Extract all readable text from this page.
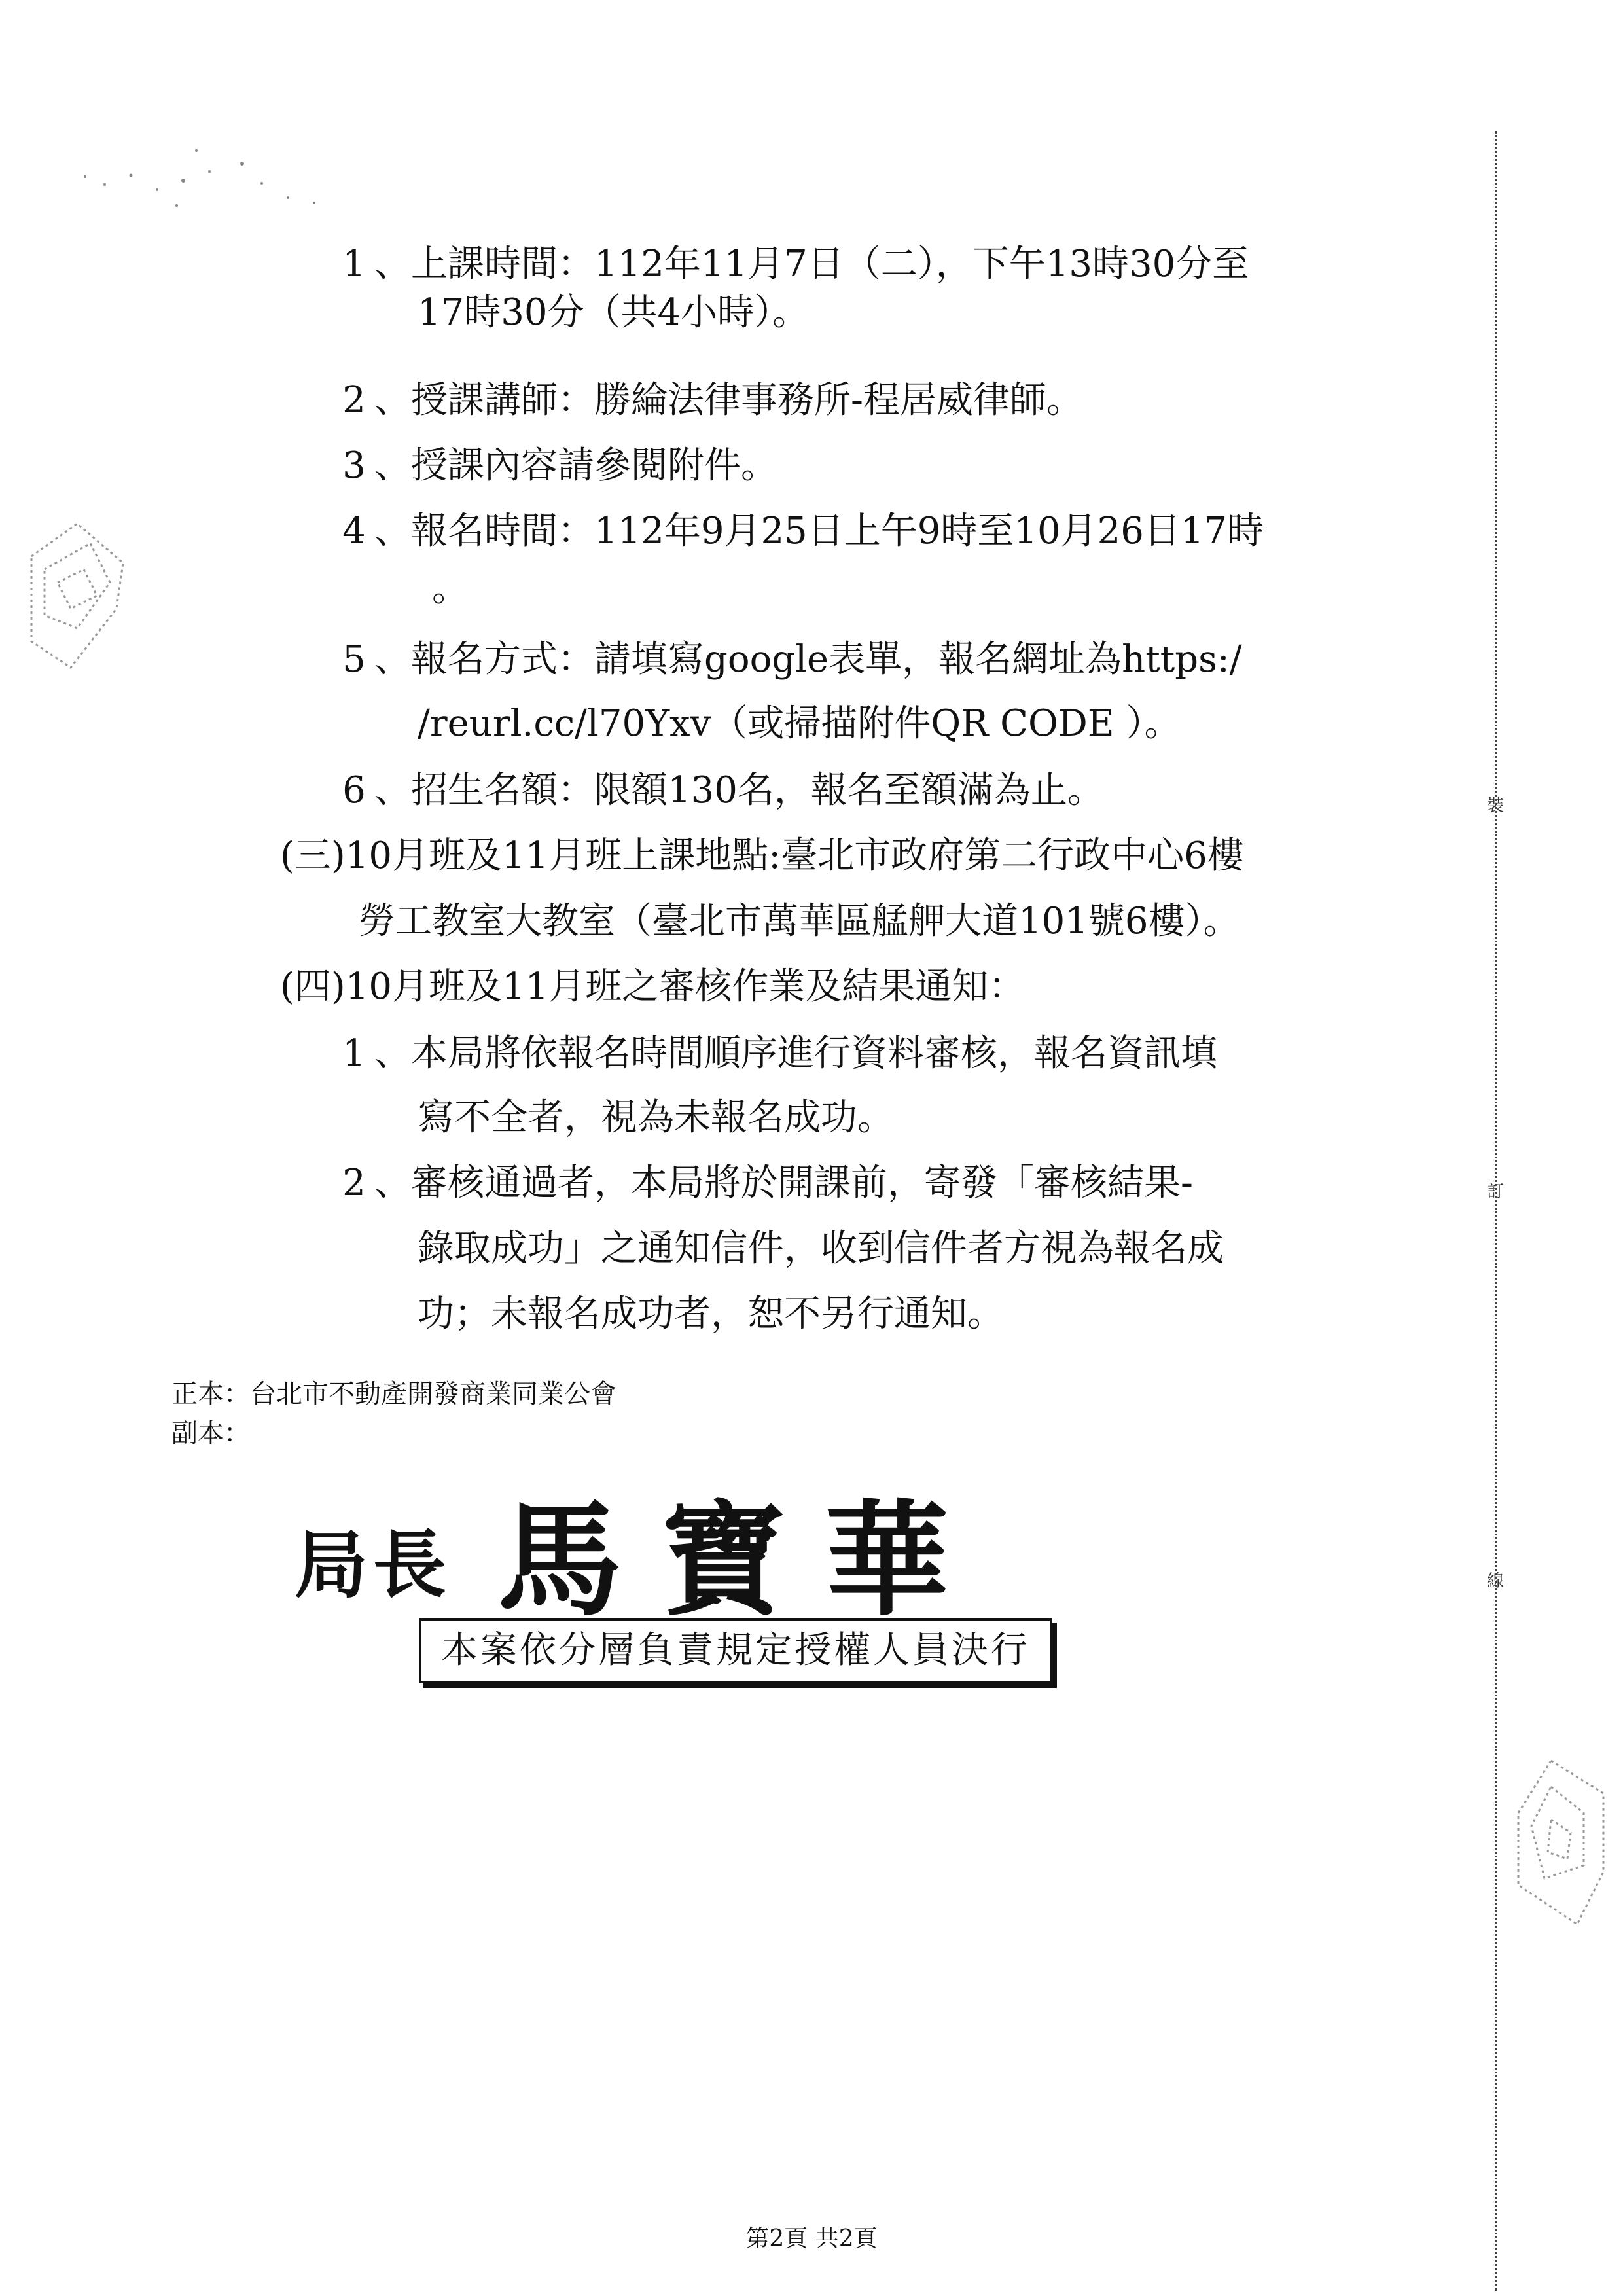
裝
訂
線
1 、上課時間：112年11月7日（二），下午13時30分至
17時30分（共4小時）。
2 、授課講師：勝綸法律事務所-程居威律師。
3 、授課內容請參閱附件。
4 、報名時間：112年9月25日上午9時至10月26日17時
。
5 、報名方式：請填寫google表單，報名網址為https:/
/reurl.cc/l70Yxv（或掃描附件QR CODE ）。
6 、招生名額：限額130名，報名至額滿為止。
(三)10月班及11月班上課地點:臺北市政府第二行政中心6樓
勞工教室大教室（臺北市萬華區艋舺大道101號6樓）。
(四)10月班及11月班之審核作業及結果通知：
1 、本局將依報名時間順序進行資料審核，報名資訊填
寫不全者，視為未報名成功。
2 、審核通過者，本局將於開課前，寄發「審核結果-
錄取成功」之通知信件，收到信件者方視為報名成
功；未報名成功者，恕不另行通知。
正本：台北市不動產開發商業同業公會
副本：
局長 馬寶華
本案依分層負責規定授權人員決行
第2頁 共2頁
